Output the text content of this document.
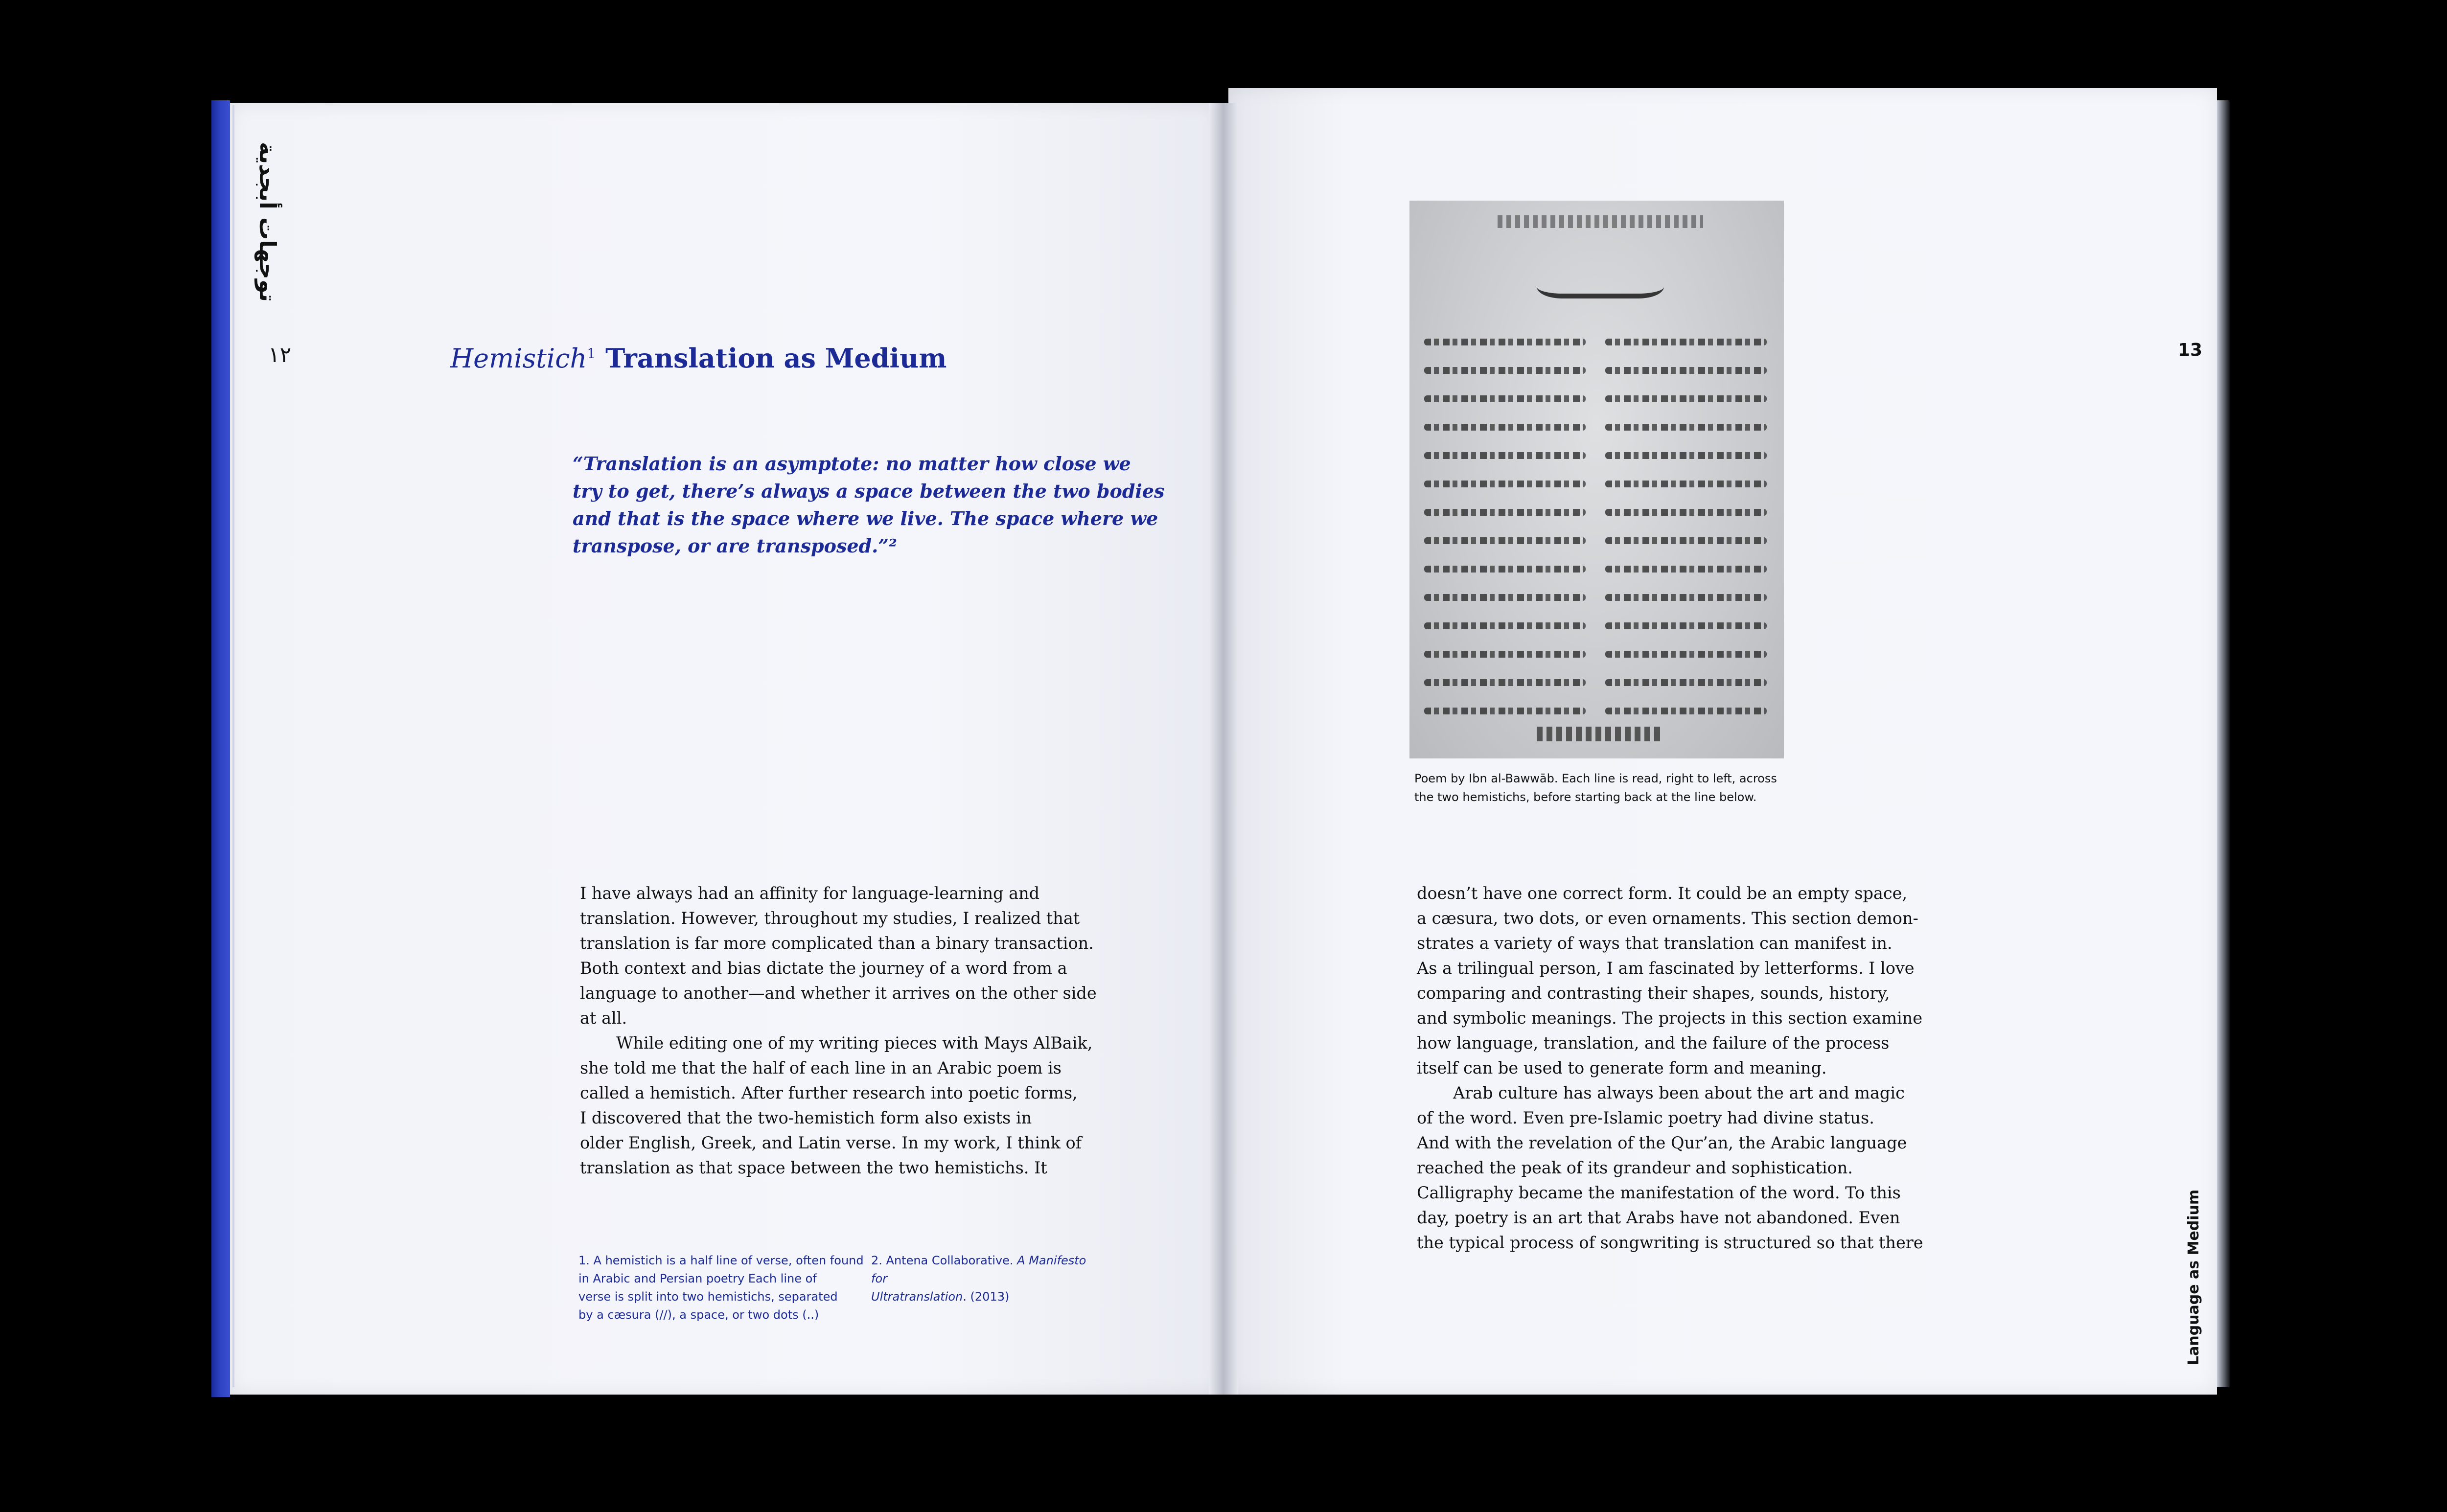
توجهات أبجدية
١٢	Hemistich$^1$ Translation as Medium
“Translation is an asymptote: no matter how close we
try to get, there’s always a space between the two bodies
and that is the space where we live. The space where we
transpose, or are transposed.”²
I have always had an affinity for language-learning and
translation. However, throughout my studies, I realized that
translation is far more complicated than a binary transaction.
Both context and bias dictate the journey of a word from a
language to another—and whether it arrives on the other side
at all.
While editing one of my writing pieces with Mays AlBaik,
she told me that the half of each line in an Arabic poem is
called a hemistich. After further research into poetic forms,
I discovered that the two-hemistich form also exists in
older English, Greek, and Latin verse. In my work, I think of
translation as that space between the two hemistichs. It
1. A hemistich is a half line of verse, often found
in Arabic and Persian poetry Each line of
verse is split into two hemistichs, separated
by a cæsura (//), a space, or two dots (..)
2. Antena Collaborative. A Manifesto for
Ultratranslation. (2013)
13
Poem by Ibn al-Bawwāb. Each line is read, right to left, across
the two hemistichs, before starting back at the line below.
doesn’t have one correct form. It could be an empty space,
a cæsura, two dots, or even ornaments. This section demon-
strates a variety of ways that translation can manifest in.
As a trilingual person, I am fascinated by letterforms. I love
comparing and contrasting their shapes, sounds, history,
and symbolic meanings. The projects in this section examine
how language, translation, and the failure of the process
itself can be used to generate form and meaning.
Arab culture has always been about the art and magic
of the word. Even pre-Islamic poetry had divine status.
And with the revelation of the Qur’an, the Arabic language
reached the peak of its grandeur and sophistication.
Calligraphy became the manifestation of the word. To this
day, poetry is an art that Arabs have not abandoned. Even
the typical process of songwriting is structured so that there	Language as Medium
